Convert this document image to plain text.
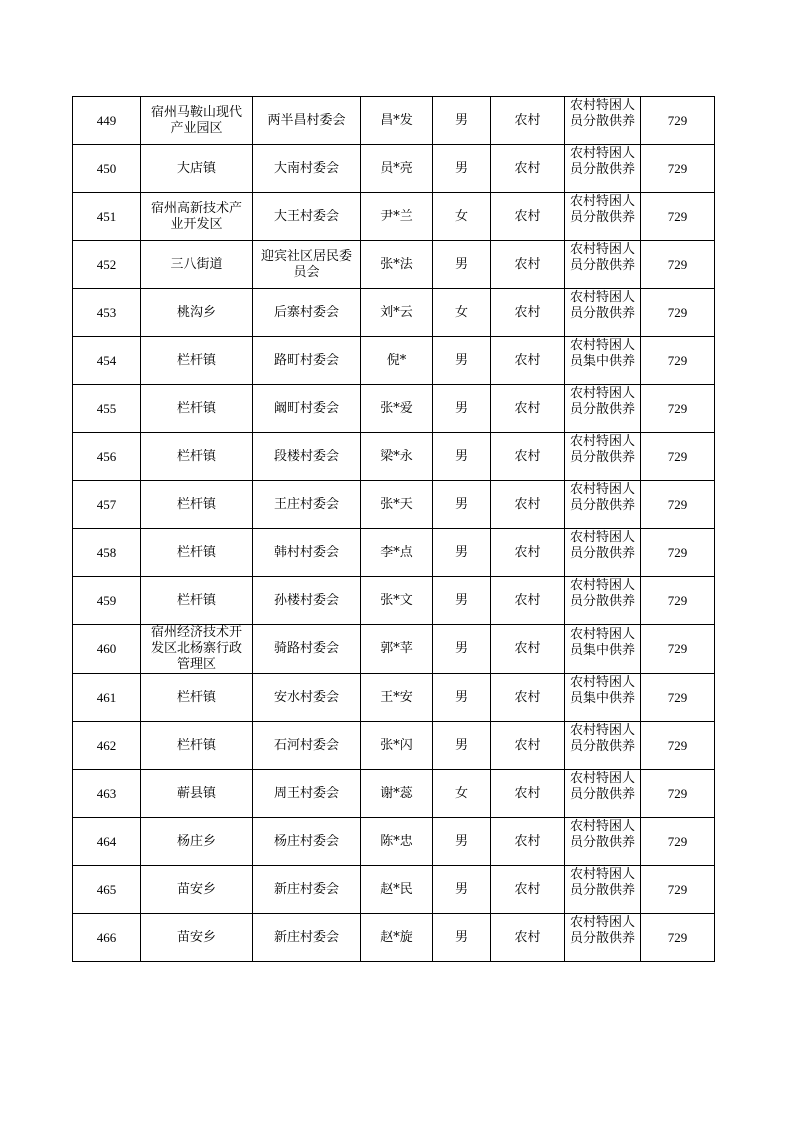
449	宿州马鞍山现代产业园区	两半昌村委会	昌*发	男	农村	农村特困人员分散供养	729

450	大店镇	大南村委会	员*亮	男	农村	农村特困人员分散供养	729

451	宿州高新技术产业开发区	大王村委会	尹*兰	女	农村	农村特困人员分散供养	729

452	三八街道	迎宾社区居民委员会	张*法	男	农村	农村特困人员分散供养	729

453	桃沟乡	后寨村委会	刘*云	女	农村	农村特困人员分散供养	729

454	栏杆镇	路町村委会	倪*	男	农村	农村特困人员集中供养	729

455	栏杆镇	阚町村委会	张*爱	男	农村	农村特困人员分散供养	729

456	栏杆镇	段楼村委会	梁*永	男	农村	农村特困人员分散供养	729

457	栏杆镇	王庄村委会	张*天	男	农村	农村特困人员分散供养	729

458	栏杆镇	韩村村委会	李*点	男	农村	农村特困人员分散供养	729

459	栏杆镇	孙楼村委会	张*文	男	农村	农村特困人员分散供养	729

460	宿州经济技术开发区北杨寨行政管理区	骑路村委会	郭*苹	男	农村	农村特困人员集中供养	729

461	栏杆镇	安水村委会	王*安	男	农村	农村特困人员集中供养	729

462	栏杆镇	石河村委会	张*闪	男	农村	农村特困人员分散供养	729

463	蕲县镇	周王村委会	谢*蕊	女	农村	农村特困人员分散供养	729

464	杨庄乡	杨庄村委会	陈*忠	男	农村	农村特困人员分散供养	729

465	苗安乡	新庄村委会	赵*民	男	农村	农村特困人员分散供养	729

466	苗安乡	新庄村委会	赵*旋	男	农村	农村特困人员分散供养	729
